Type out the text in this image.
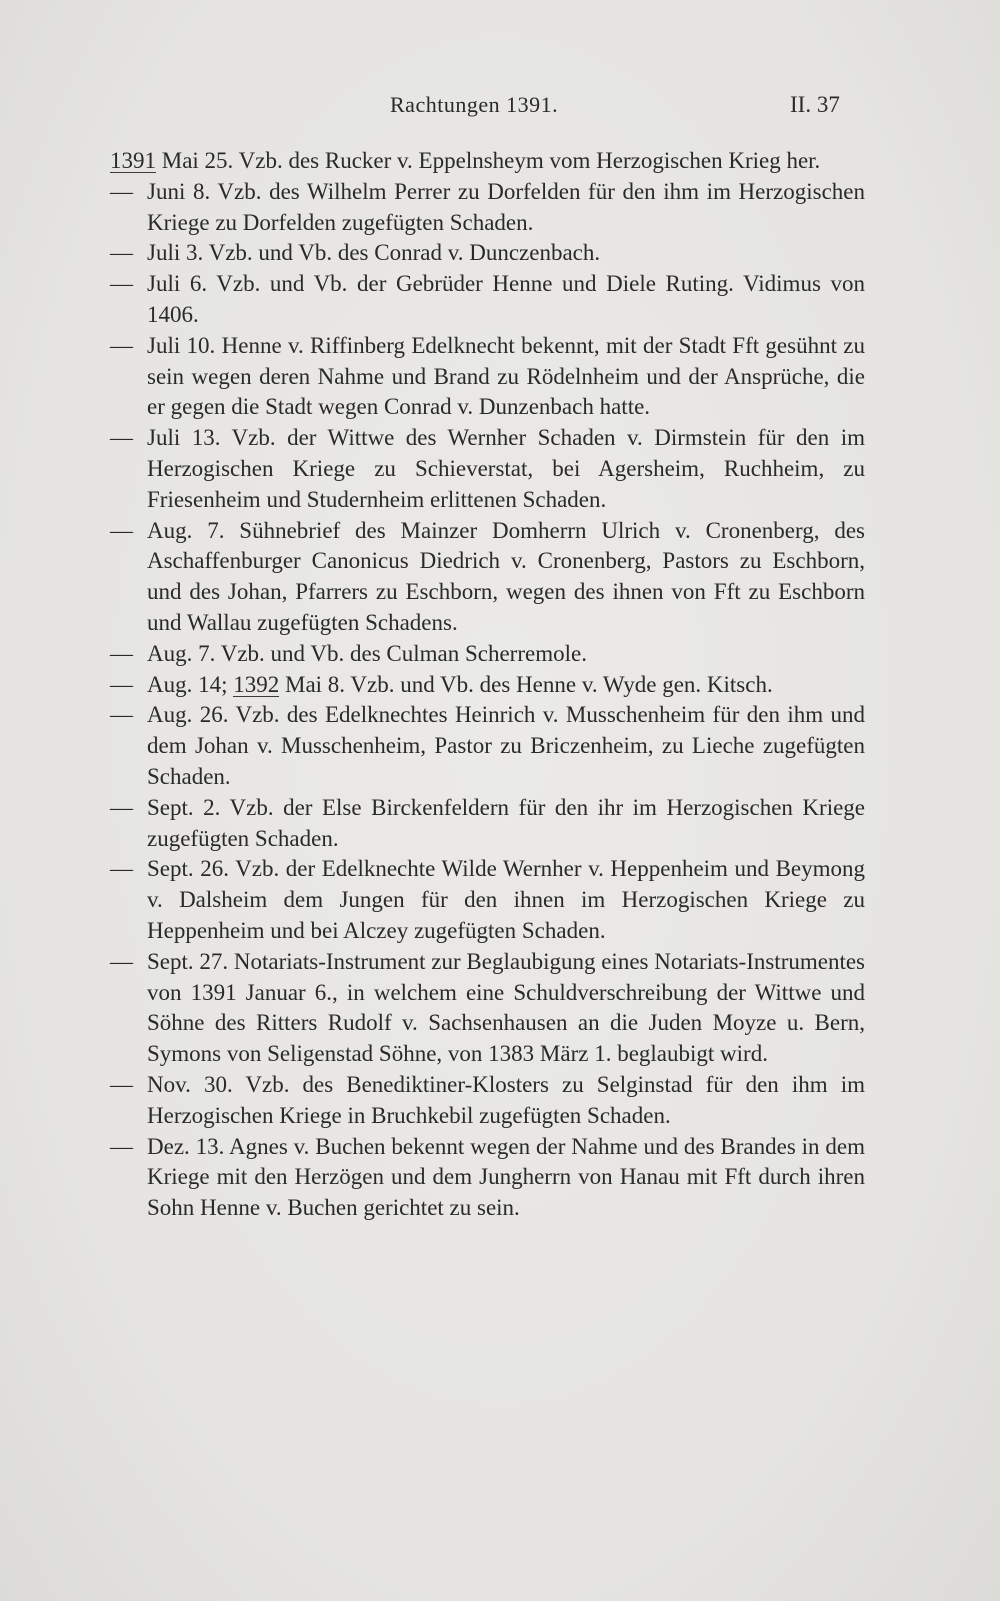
Rachtungen 1391.	II. 37

1391 Mai 25. Vzb. des Rucker v. Eppelnsheym vom Herzogischen Krieg her.

— Juni 8. Vzb. des Wilhelm Perrer zu Dorfelden für den ihm im Herzogischen Kriege zu Dorfelden zugefügten Schaden.

— Juli 3. Vzb. und Vb. des Conrad v. Dunczenbach.

— Juli 6. Vzb. und Vb. der Gebrüder Henne und Diele Ruting. Vidimus von 1406.

— Juli 10. Henne v. Riffinberg Edelknecht bekennt, mit der Stadt Fft gesühnt zu sein wegen deren Nahme und Brand zu Rödelnheim und der Ansprüche, die er gegen die Stadt wegen Conrad v. Dunzenbach hatte.

— Juli 13. Vzb. der Wittwe des Wernher Schaden v. Dirmstein für den im Herzogischen Kriege zu Schieverstat, bei Agersheim, Ruchheim, zu Friesenheim und Studernheim erlittenen Schaden.

— Aug. 7. Sühnebrief des Mainzer Domherrn Ulrich v. Cronenberg, des Aschaffenburger Canonicus Diedrich v. Cronenberg, Pastors zu Eschborn, und des Johan, Pfarrers zu Eschborn, wegen des ihnen von Fft zu Eschborn und Wallau zugefügten Schadens.

— Aug. 7. Vzb. und Vb. des Culman Scherremole.

— Aug. 14; 1392 Mai 8. Vzb. und Vb. des Henne v. Wyde gen. Kitsch.

— Aug. 26. Vzb. des Edelknechtes Heinrich v. Musschenheim für den ihm und dem Johan v. Musschenheim, Pastor zu Briczenheim, zu Lieche zugefügten Schaden.

— Sept. 2. Vzb. der Else Birckenfeldern für den ihr im Herzogischen Kriege zugefügten Schaden.

— Sept. 26. Vzb. der Edelknechte Wilde Wernher v. Heppenheim und Beymong v. Dalsheim dem Jungen für den ihnen im Herzogischen Kriege zu Heppenheim und bei Alczey zugefügten Schaden.

— Sept. 27. Notariats-Instrument zur Beglaubigung eines Notariats-Instrumentes von 1391 Januar 6., in welchem eine Schuldverschreibung der Wittwe und Söhne des Ritters Rudolf v. Sachsenhausen an die Juden Moyze u. Bern, Symons von Seligenstad Söhne, von 1383 März 1. beglaubigt wird.

— Nov. 30. Vzb. des Benediktiner-Klosters zu Selginstad für den ihm im Herzogischen Kriege in Bruchkebil zugefügten Schaden.

— Dez. 13. Agnes v. Buchen bekennt wegen der Nahme und des Brandes in dem Kriege mit den Herzögen und dem Jungherrn von Hanau mit Fft durch ihren Sohn Henne v. Buchen gerichtet zu sein.
